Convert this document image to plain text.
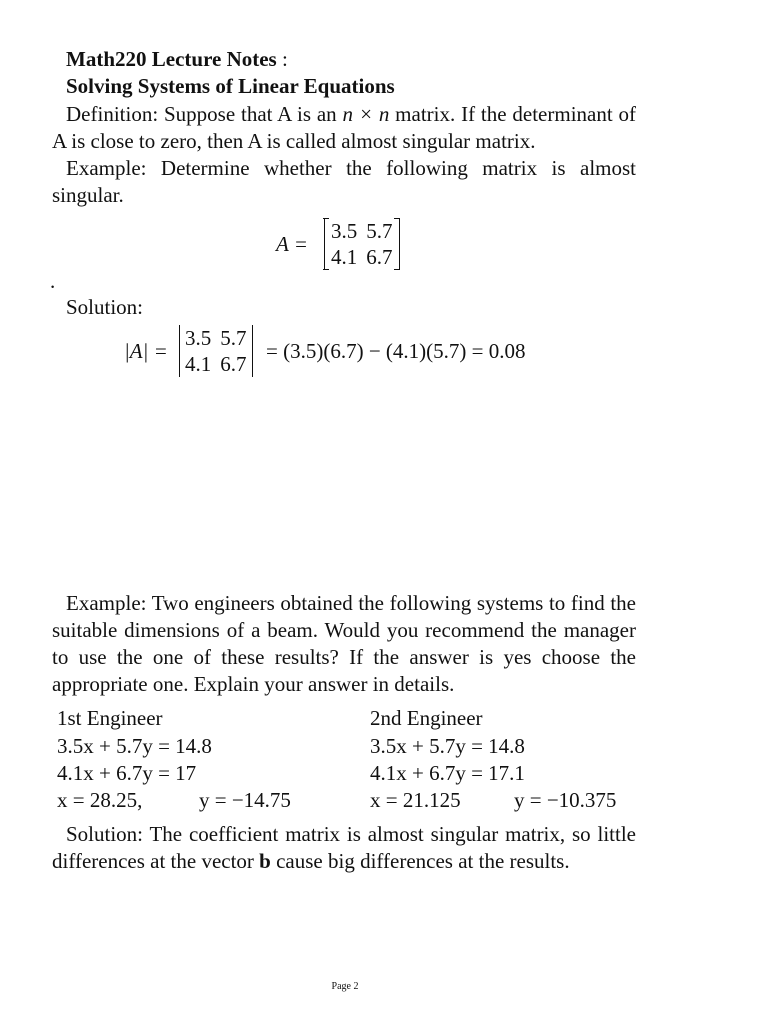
Math220 Lecture Notes :
Solving Systems of Linear Equations
Definition: Suppose that A is an n × n matrix. If the determinant of A is close to zero, then A is called almost singular matrix.
Example: Determine whether the following matrix is almost singular.
A =
3.5 5.7
4.1 6.7
.
Solution:
|A| =
3.5 5.7
4.1 6.7
= (3.5)(6.7) − (4.1)(5.7) = 0.08
Example: Two engineers obtained the following systems to find the suitable dimensions of a beam. Would you recommend the manager to use the one of these results? If the answer is yes choose the appropriate one. Explain your answer in details.
1st Engineer
3.5x + 5.7y = 14.8
4.1x + 6.7y = 17
x = 28.25,	y = −14.75
2nd Engineer
3.5x + 5.7y = 14.8
4.1x + 6.7y = 17.1
x = 21.125	y = −10.375
Solution: The coefficient matrix is almost singular matrix, so little differences at the vector b cause big differences at the results.
Page 2
